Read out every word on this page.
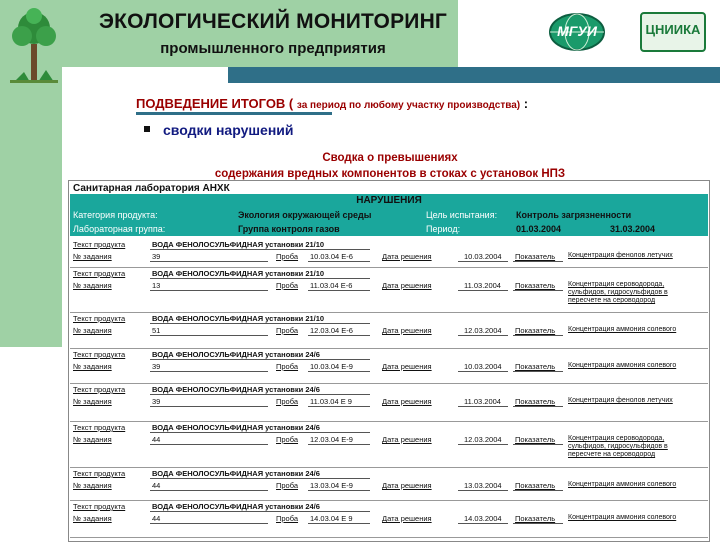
ЭКОЛОГИЧЕСКИЙ МОНИТОРИНГ
промышленного предприятия
МГУИ	ЦНИИКА
ПОДВЕДЕНИЕ ИТОГОВ ( за период по любому участку производства) :
сводки нарушений
Сводка о превышениях
содержания вредных компонентов в стоках с установок НПЗ
Санитарная лаборатория АНХК
НАРУШЕНИЯ
Категория продукта:	Экология окружающей среды	Цель испытания: Контроль загрязненности
Лабораторная группа:	Группа контроля газов	Период:	01.03.2004	31.03.2004
Текст продукта	ВОДА ФЕНОЛОСУЛЬФИДНАЯ установки 21/10
№ задания	39	Проба 10.03.04 Е-6	Дата решения	10.03.2004 Показатель Концентрация фенолов летучих
Текст продукта	ВОДА ФЕНОЛОСУЛЬФИДНАЯ установки 21/10
№ задания	13	Проба 11.03.04 Е-6	Дата решения	11.03.2004 Показатель Концентрация сероводорода, сульфидов, гидросульфидов в пересчете на сероводород
Текст продукта	ВОДА ФЕНОЛОСУЛЬФИДНАЯ установки 21/10
№ задания	51	Проба 12.03.04 Е-6	Дата решения	12.03.2004 Показатель Концентрация аммония солевого
Текст продукта	ВОДА ФЕНОЛОСУЛЬФИДНАЯ установки 24/6
№ задания	39	Проба 10.03.04 Е-9	Дата решения	10.03.2004 Показатель Концентрация аммония солевого
Текст продукта	ВОДА ФЕНОЛОСУЛЬФИДНАЯ установки 24/6
№ задания	39	Проба 11.03.04 Е 9	Дата решения	11.03.2004 Показатель Концентрация фенолов летучих
Текст продукта	ВОДА ФЕНОЛОСУЛЬФИДНАЯ установки 24/6
№ задания	44	Проба 12.03.04 Е-9	Дата решения	12.03.2004 Показатель Концентрация сероводорода, сульфидов, гидросульфидов в пересчете на сероводород
Текст продукта	ВОДА ФЕНОЛОСУЛЬФИДНАЯ установки 24/6
№ задания	44	Проба 13.03.04 Е-9	Дата решения	13.03.2004 Показатель Концентрация аммония солевого
Текст продукта	ВОДА ФЕНОЛОСУЛЬФИДНАЯ установки 24/6
№ задания	44	Проба 14.03.04 Е 9	Дата решения	14.03.2004 Показатель Концентрация аммония солевого
